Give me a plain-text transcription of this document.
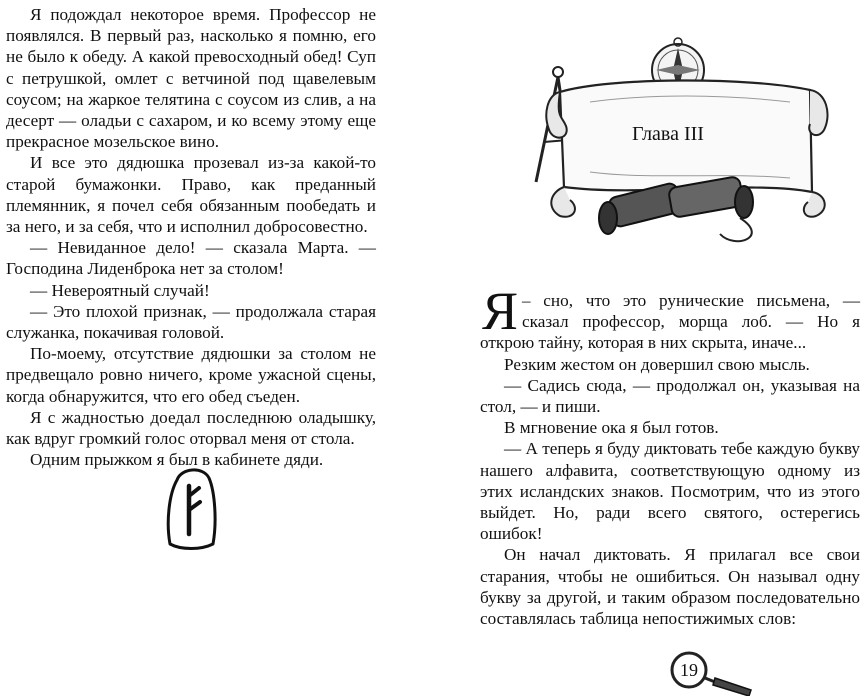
Я подождал некоторое время. Профессор не появлялся. В первый раз, насколько я помню, его не было к обеду. А какой превосходный обед! Суп с петрушкой, омлет с ветчиной под щавелевым соусом; на жаркое телятина с соусом из слив, а на десерт — оладьи с сахаром, и ко всему этому еще прекрасное мозельское вино.

И все это дядюшка прозевал из-за какой-то старой бумажонки. Право, как преданный племянник, я почел себя обязанным пообедать и за него, и за себя, что и исполнил добросовестно.

— Невиданное дело! — сказала Марта. — Господина Лиденброка нет за столом!

— Невероятный случай!

— Это плохой признак, — продолжала старая служанка, покачивая головой.

По-моему, отсутствие дядюшки за столом не предвещало ровно ничего, кроме ужасной сцены, когда обнаружится, что его обед съеден.

Я с жадностью доедал последнюю оладышку, как вдруг громкий голос оторвал меня от стола.

Одним прыжком я был в кабинете дяди.

Глава III

–
Я сно, что это рунические письмена, — сказал профессор, морща лоб. — Но я открою тайну, которая в них скрыта, иначе...

Резким жестом он довершил свою мысль.

— Садись сюда, — продолжал он, указывая на стол, — и пиши.

В мгновение ока я был готов.

— А теперь я буду диктовать тебе каждую букву нашего алфавита, соответствующую одному из этих исландских знаков. Посмотрим, что из этого выйдет. Но, ради всего святого, остерегись ошибок!

Он начал диктовать. Я прилагал все свои старания, чтобы не ошибиться. Он называл одну букву за другой, и таким образом последовательно составлялась таблица непостижимых слов:

19
